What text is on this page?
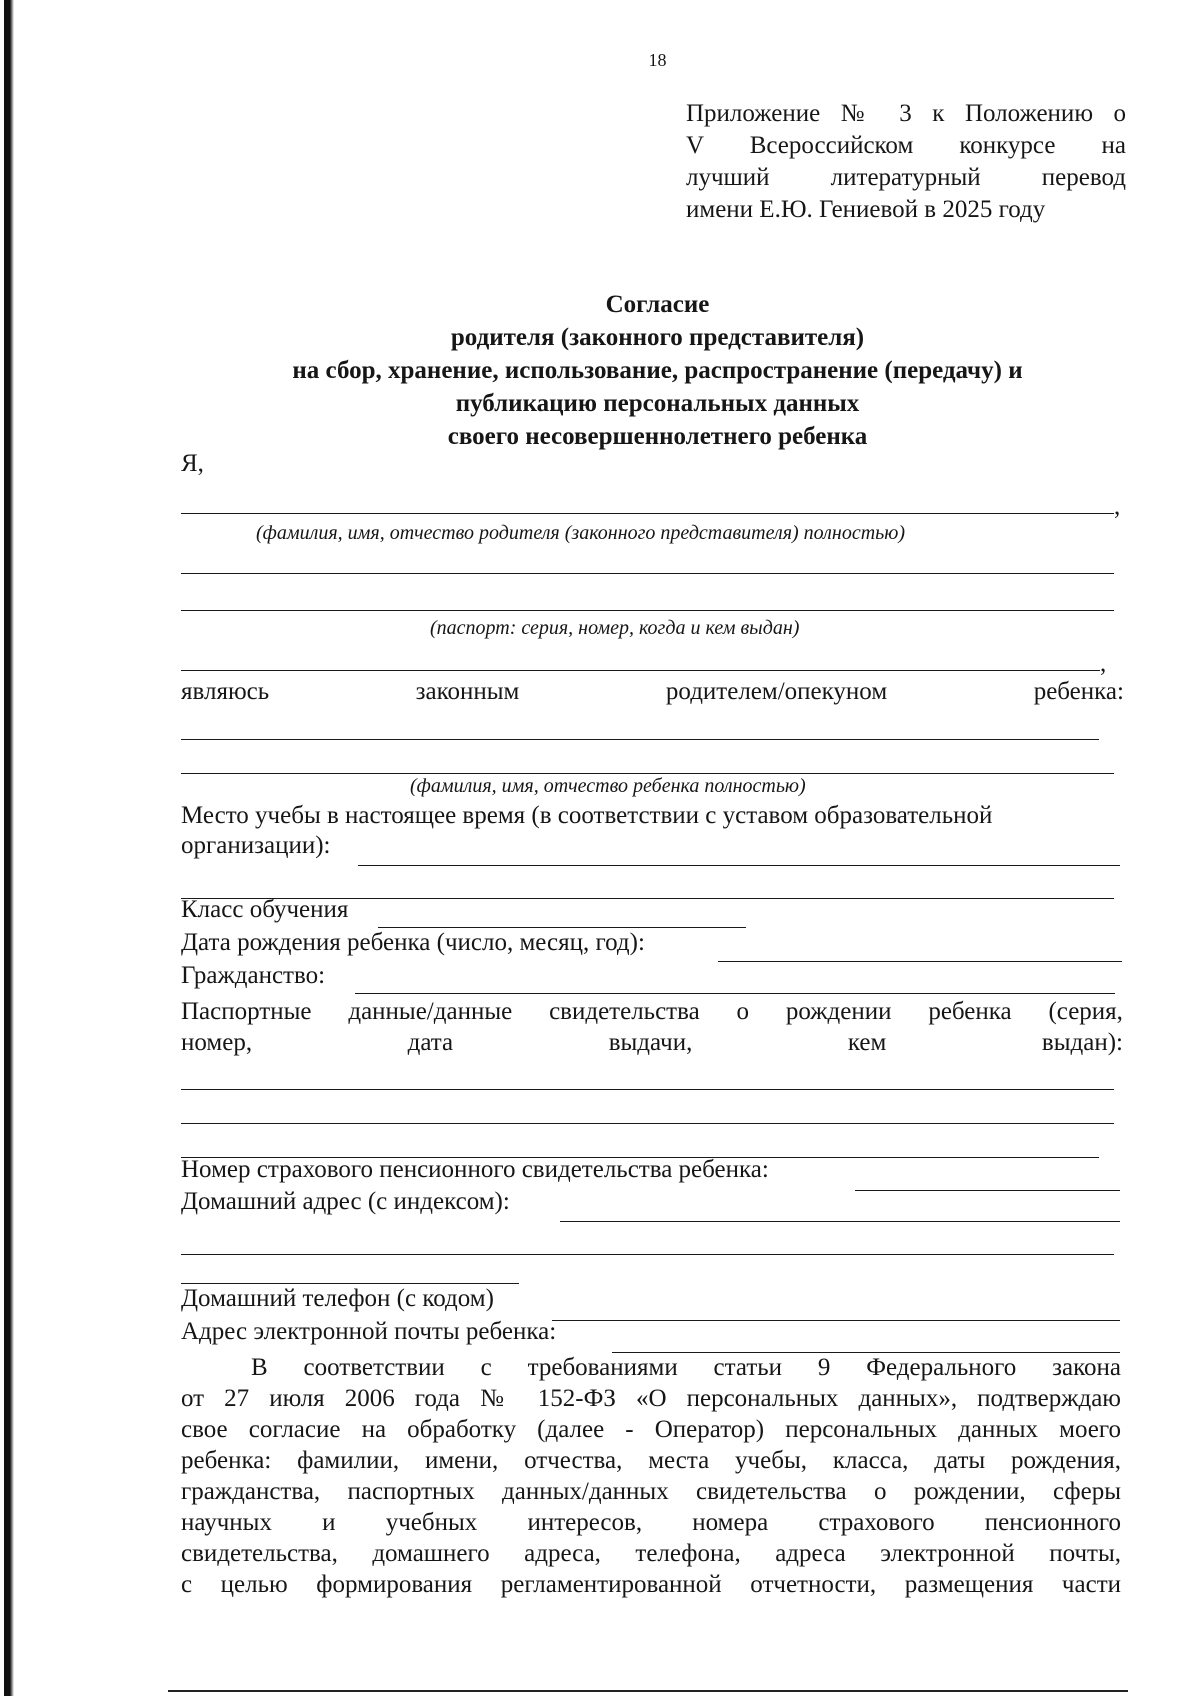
18
Приложение № 3 к Положению о
V Всероссийском конкурсе на
лучший литературный перевод
имени Е.Ю. Гениевой в 2025 году
Согласие
родителя (законного представителя)
на сбор, хранение, использование, распространение (передачу) и
публикацию персональных данных
своего несовершеннолетнего ребенка
Я,
,
(фамилия, имя, отчество родителя (законного представителя) полностью)
(паспорт: серия, номер, когда и кем выдан)
,
являюсь	законным	родителем/опекуном	ребенка:
(фамилия, имя, отчество ребенка полностью)
Место учебы в настоящее время (в соответствии с уставом образовательной
организации):
Класс обучения
Дата рождения ребенка (число, месяц, год):
Гражданство:
Паспортные данные/данные свидетельства о рождении ребенка (серия,
номер,	дата	выдачи,	кем	выдан):
Номер страхового пенсионного свидетельства ребенка:
Домашний адрес (с индексом):
Домашний телефон (с кодом)
Адрес электронной почты ребенка:
В соответствии с требованиями статьи 9 Федерального закона
от 27 июля 2006 года № 152-ФЗ «О персональных данных», подтверждаю
свое согласие на обработку (далее - Оператор) персональных данных моего
ребенка: фамилии, имени, отчества, места учебы, класса, даты рождения,
гражданства, паспортных данных/данных свидетельства о рождении, сферы
научных и учебных интересов, номера страхового пенсионного
свидетельства, домашнего адреса, телефона, адреса электронной почты,
с целью формирования регламентированной отчетности, размещения части
